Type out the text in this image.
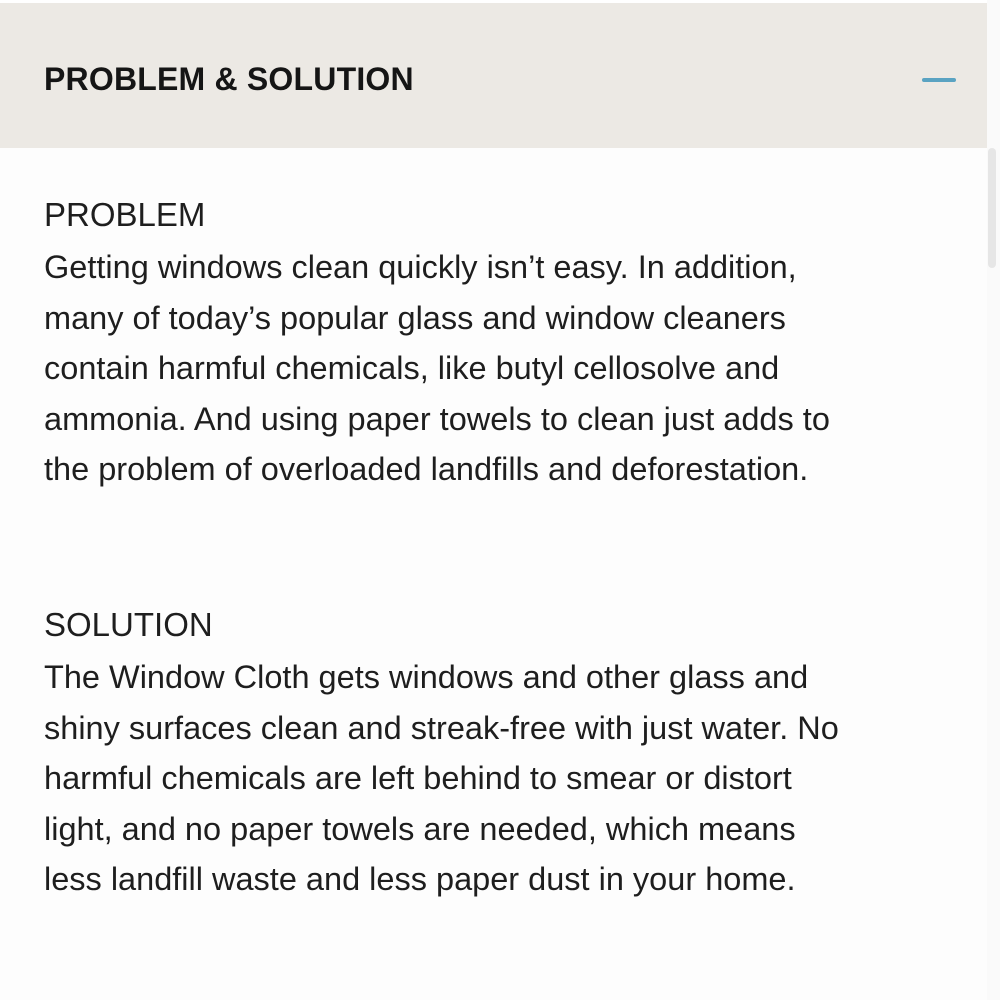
PROBLEM & SOLUTION
PROBLEM

Getting windows clean quickly isn’t easy. In addition,
many of today’s popular glass and window cleaners
contain harmful chemicals, like butyl cellosolve and
ammonia. And using paper towels to clean just adds to
the problem of overloaded landfills and deforestation.

SOLUTION

The Window Cloth gets windows and other glass and
shiny surfaces clean and streak-free with just water. No
harmful chemicals are left behind to smear or distort
light, and no paper towels are needed, which means
less landfill waste and less paper dust in your home.
